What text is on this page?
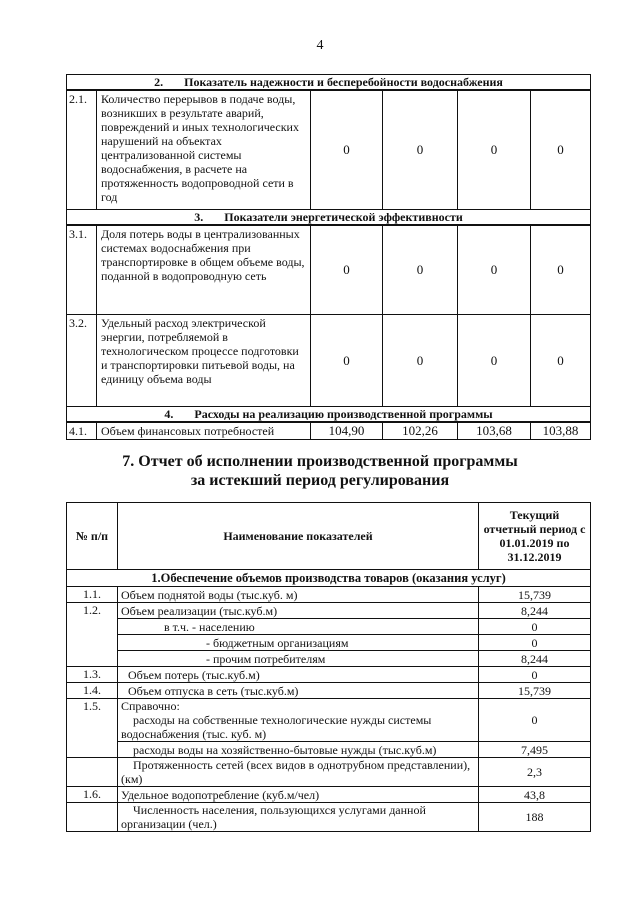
4
2. Показатель надежности и бесперебойности водоснабжения					
2.1.	Количество перерывов в подаче воды, возникших в результате аварий, повреждений и иных технологических нарушений на объектах централизованной системы водоснабжения, в расчете на протяженность водопроводной сети в год	0	0	0	0
3. Показатели энергетической эффективности					
3.1.	Доля потерь воды в централизованных системах водоснабжения при транспортировке в общем объеме воды, поданной в водопроводную сеть	0	0	0	0
3.2.	Удельный расход электрической энергии, потребляемой в технологическом процессе подготовки и транспортировки питьевой воды, на единицу объема воды	0	0	0	0
4. Расходы на реализацию производственной программы					
4.1.	Объем финансовых потребностей	104,90	102,26	103,68	103,88
7. Отчет об исполнении производственной программы
за истекший период регулирования
№ п/п	Наименование показателей	Текущий отчетный период с 01.01.2019 по 31.12.2019
1.Обеспечение объемов производства товаров (оказания услуг)		
1.1.	Объем поднятой воды (тыс.куб. м)	15,739
1.2.	Объем реализации (тыс.куб.м)	8,244
	в т.ч. - населению	0
	- бюджетным организациям	0
	- прочим потребителям	8,244
1.3.	Объем потерь (тыс.куб.м)	0
1.4.	Объем отпуска в сеть (тыс.куб.м)	15,739
1.5.	Справочно:
расходы на собственные технологические нужды системы водоснабжения (тыс. куб. м)	0
	расходы воды на хозяйственно-бытовые нужды (тыс.куб.м)	7,495
	Протяженность сетей (всех видов в однотрубном представлении), (км)	2,3
1.6.	Удельное водопотребление (куб.м/чел)	43,8
	Численность населения, пользующихся услугами данной организации (чел.)	188
